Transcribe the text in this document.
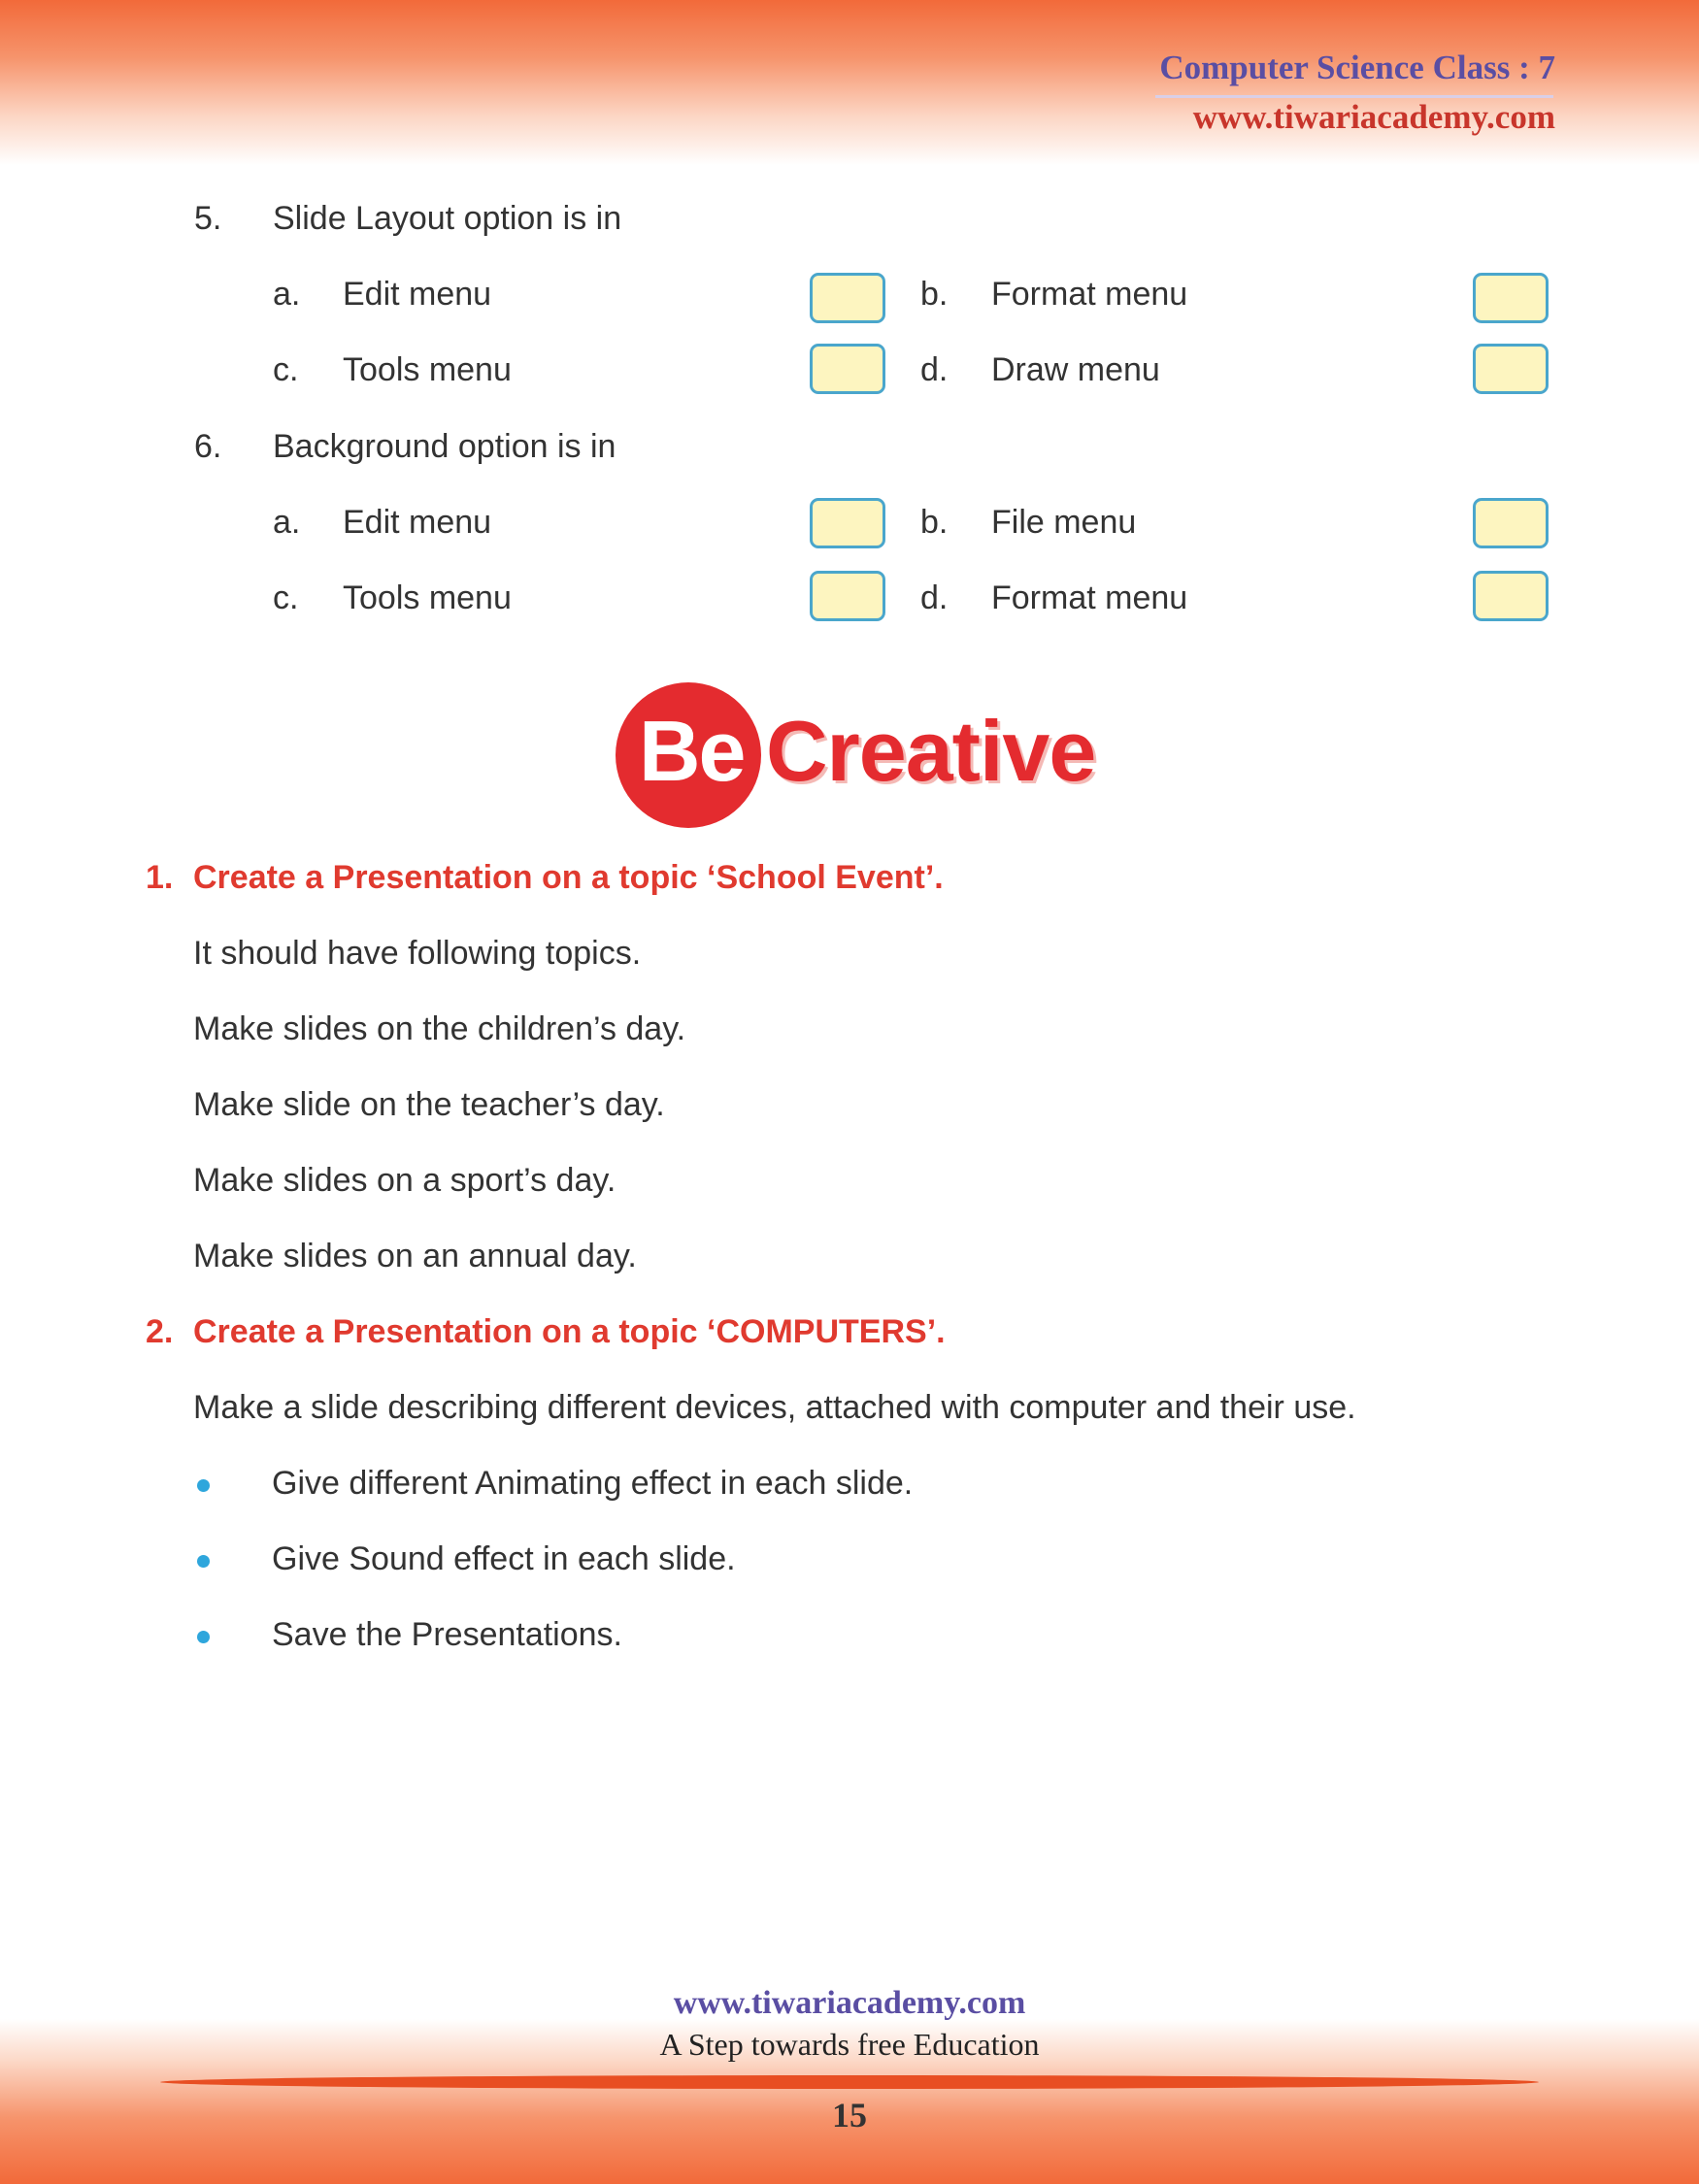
Computer Science Class : 7
www.tiwariacademy.com
5. Slide Layout option is in
a. Edit menu	b. Format menu
c. Tools menu	d. Draw menu
6. Background option is in
a. Edit menu	b. File menu
c. Tools menu	d. Format menu
Be Creative
1. Create a Presentation on a topic ‘School Event’.
It should have following topics.
Make slides on the children’s day.
Make slide on the teacher’s day.
Make slides on a sport’s day.
Make slides on an annual day.
2. Create a Presentation on a topic ‘COMPUTERS’.
Make a slide describing different devices, attached with computer and their use.
Give different Animating effect in each slide.
Give Sound effect in each slide.
Save the Presentations.
www.tiwariacademy.com
A Step towards free Education
15
